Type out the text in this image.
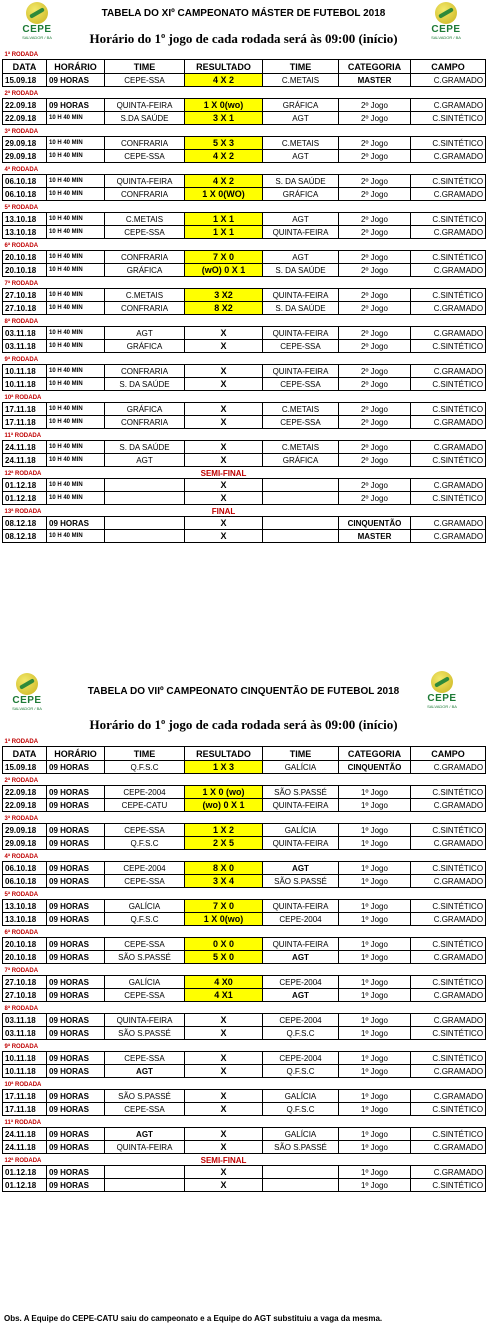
CEPE
SALVADOR / BA
CEPE
SALVADOR / BA
TABELA DO XIº CAMPEONATO MÁSTER DE FUTEBOL 2018
Horário do 1º jogo de cada rodada será às 09:00 (início)
1ª RODADA						
DATA	HORÁRIO	TIME	RESULTADO	TIME	CATEGORIA	CAMPO
15.09.18	09 HORAS	CEPE-SSA	4 X 2	C.METAIS	MASTER	C.GRAMADO
2ª RODADA						
22.09.18	09 HORAS	QUINTA-FEIRA	1 X 0(wo)	GRÁFICA	2º Jogo	C.GRAMADO
22.09.18	10 H 40 MIN	S.DA SAÚDE	3 X 1	AGT	2º Jogo	C.SINTÉTICO
3ª RODADA						
29.09.18	10 H 40 MIN	CONFRARIA	5 X 3	C.METAIS	2º Jogo	C.SINTÉTICO
29.09.18	10 H 40 MIN	CEPE-SSA	4 X 2	AGT	2º Jogo	C.GRAMADO
4ª RODADA						
06.10.18	10 H 40 MIN	QUINTA-FEIRA	4 X 2	S. DA SAÚDE	2º Jogo	C.SINTÉTICO
06.10.18	10 H 40 MIN	CONFRARIA	1 X 0(WO)	GRÁFICA	2º Jogo	C.GRAMADO
5ª RODADA						
13.10.18	10 H 40 MIN	C.METAIS	1 X 1	AGT	2º Jogo	C.SINTÉTICO
13.10.18	10 H 40 MIN	CEPE-SSA	1 X 1	QUINTA-FEIRA	2º Jogo	C.GRAMADO
6ª RODADA						
20.10.18	10 H 40 MIN	CONFRARIA	7 X 0	AGT	2º Jogo	C.SINTÉTICO
20.10.18	10 H 40 MIN	GRÁFICA	(wO) 0 X 1	S. DA SAÚDE	2º Jogo	C.GRAMADO
7ª RODADA						
27.10.18	10 H 40 MIN	C.METAIS	3 X2	QUINTA-FEIRA	2º Jogo	C.SINTÉTICO
27.10.18	10 H 40 MIN	CONFRARIA	8 X2	S. DA SAÚDE	2º Jogo	C.GRAMADO
8ª RODADA						
03.11.18	10 H 40 MIN	AGT	X	QUINTA-FEIRA	2º Jogo	C.GRAMADO
03.11.18	10 H 40 MIN	GRÁFICA	X	CEPE-SSA	2º Jogo	C.SINTÉTICO
9ª RODADA						
10.11.18	10 H 40 MIN	CONFRARIA	X	QUINTA-FEIRA	2º Jogo	C.GRAMADO
10.11.18	10 H 40 MIN	S. DA SAÚDE	X	CEPE-SSA	2º Jogo	C.SINTÉTICO
10ª RODADA						
17.11.18	10 H 40 MIN	GRÁFICA	X	C.METAIS	2º Jogo	C.SINTÉTICO
17.11.18	10 H 40 MIN	CONFRARIA	X	CEPE-SSA	2º Jogo	C.GRAMADO
11ª RODADA						
24.11.18	10 H 40 MIN	S. DA SAÚDE	X	C.METAIS	2º Jogo	C.GRAMADO
24.11.18	10 H 40 MIN	AGT	X	GRÁFICA	2º Jogo	C.SINTÉTICO
12ª RODADA			SEMI-FINAL			
01.12.18	10 H 40 MIN		X		2º Jogo	C.GRAMADO
01.12.18	10 H 40 MIN		X		2º Jogo	C.SINTÉTICO
13ª RODADA			FINAL			
08.12.18	09 HORAS		X		CINQUENTÃO	C.GRAMADO
08.12.18	10 H 40 MIN		X		MASTER	C.GRAMADO
CEPE
SALVADOR / BA
CEPE
SALVADOR / BA
TABELA DO VIIº CAMPEONATO CINQUENTÃO DE FUTEBOL 2018
Horário do 1º jogo de cada rodada será às 09:00 (início)
1ª RODADA						
DATA	HORÁRIO	TIME	RESULTADO	TIME	CATEGORIA	CAMPO
15.09.18	09 HORAS	Q.F.S.C	1 X 3	GALÍCIA	CINQUENTÃO	C.GRAMADO
2ª RODADA						
22.09.18	09 HORAS	CEPE-2004	1 X 0 (wo)	SÃO S.PASSÉ	1º Jogo	C.SINTÉTICO
22.09.18	09 HORAS	CEPE-CATU	(wo) 0 X 1	QUINTA-FEIRA	1º Jogo	C.GRAMADO
3ª RODADA						
29.09.18	09 HORAS	CEPE-SSA	1 X 2	GALÍCIA	1º Jogo	C.SINTÉTICO
29.09.18	09 HORAS	Q.F.S.C	2 X 5	QUINTA-FEIRA	1º Jogo	C.GRAMADO
4ª RODADA						
06.10.18	09 HORAS	CEPE-2004	8 X 0	AGT	1º Jogo	C.SINTÉTICO
06.10.18	09 HORAS	CEPE-SSA	3 X 4	SÃO S.PASSÉ	1º Jogo	C.GRAMADO
5ª RODADA						
13.10.18	09 HORAS	GALÍCIA	7 X 0	QUINTA-FEIRA	1º Jogo	C.SINTÉTICO
13.10.18	09 HORAS	Q.F.S.C	1 X 0(wo)	CEPE-2004	1º Jogo	C.GRAMADO
6ª RODADA						
20.10.18	09 HORAS	CEPE-SSA	0 X 0	QUINTA-FEIRA	1º Jogo	C.SINTÉTICO
20.10.18	09 HORAS	SÃO S.PASSÉ	5 X 0	AGT	1º Jogo	C.GRAMADO
7ª RODADA						
27.10.18	09 HORAS	GALÍCIA	4 X0	CEPE-2004	1º Jogo	C.SINTÉTICO
27.10.18	09 HORAS	CEPE-SSA	4 X1	AGT	1º Jogo	C.GRAMADO
8ª RODADA						
03.11.18	09 HORAS	QUINTA-FEIRA	X	CEPE-2004	1º Jogo	C.GRAMADO
03.11.18	09 HORAS	SÃO S.PASSÉ	X	Q.F.S.C	1º Jogo	C.SINTÉTICO
9ª RODADA						
10.11.18	09 HORAS	CEPE-SSA	X	CEPE-2004	1º Jogo	C.SINTÉTICO
10.11.18	09 HORAS	AGT	X	Q.F.S.C	1º Jogo	C.GRAMADO
10ª RODADA						
17.11.18	09 HORAS	SÃO S.PASSÉ	X	GALÍCIA	1º Jogo	C.GRAMADO
17.11.18	09 HORAS	CEPE-SSA	X	Q.F.S.C	1º Jogo	C.SINTÉTICO
11ª RODADA						
24.11.18	09 HORAS	AGT	X	GALÍCIA	1º Jogo	C.SINTÉTICO
24.11.18	09 HORAS	QUINTA-FEIRA	X	SÃO S.PASSÉ	1º Jogo	C.GRAMADO
12ª RODADA			SEMI-FINAL			
01.12.18	09 HORAS		X		1º Jogo	C.GRAMADO
01.12.18	09 HORAS		X		1º Jogo	C.SINTÉTICO
Obs. A Equipe do CEPE-CATU saiu do campeonato e a Equipe do AGT substituiu a vaga da mesma.
